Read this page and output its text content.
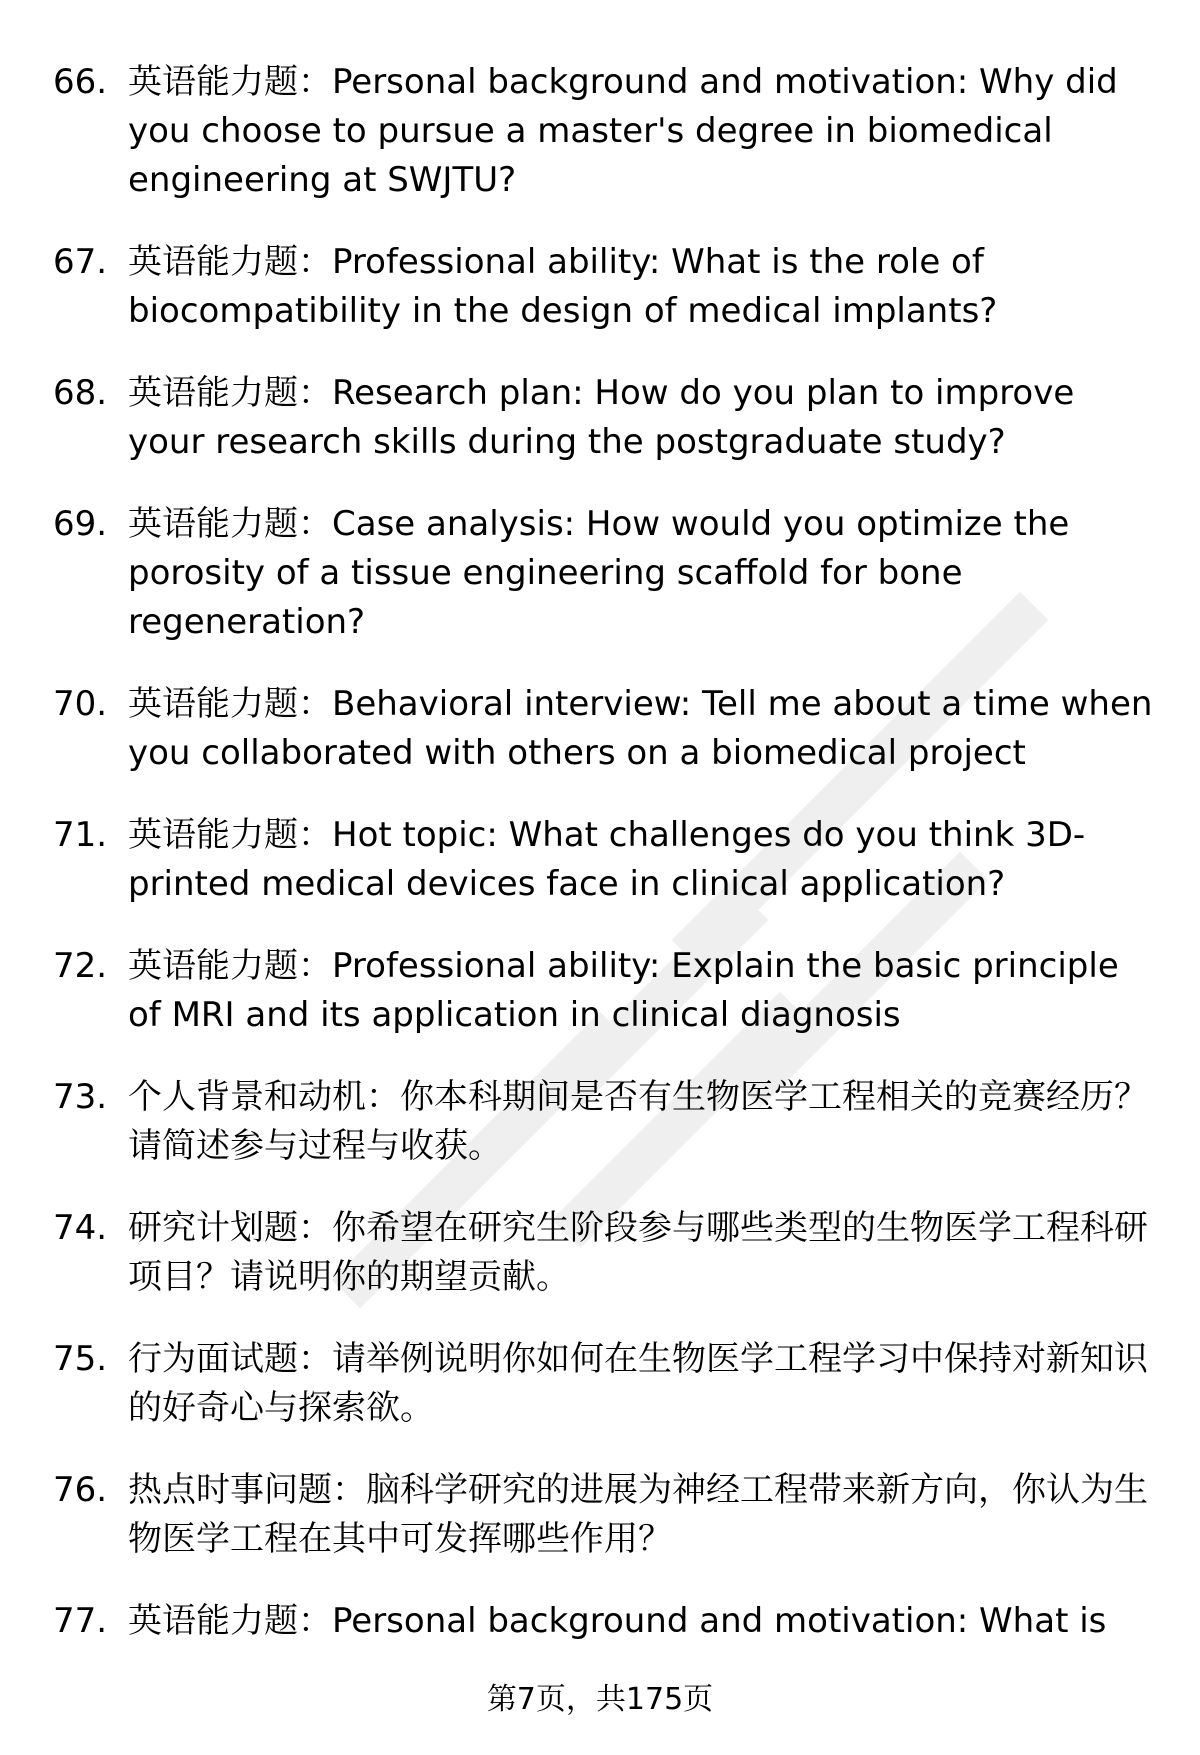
66. 英语能力题：Personal background and motivation: Why did you choose to pursue a master's degree in biomedical engineering at SWJTU?
67. 英语能力题：Professional ability: What is the role of biocompatibility in the design of medical implants?
68. 英语能力题：Research plan: How do you plan to improve your research skills during the postgraduate study?
69. 英语能力题：Case analysis: How would you optimize the porosity of a tissue engineering scaffold for bone regeneration?
70. 英语能力题：Behavioral interview: Tell me about a time when you collaborated with others on a biomedical project
71. 英语能力题：Hot topic: What challenges do you think 3D-printed medical devices face in clinical application?
72. 英语能力题：Professional ability: Explain the basic principle of MRI and its application in clinical diagnosis
73. 个人背景和动机：你本科期间是否有生物医学工程相关的竞赛经历？请简述参与过程与收获。
74. 研究计划题：你希望在研究生阶段参与哪些类型的生物医学工程科研项目？请说明你的期望贡献。
75. 行为面试题：请举例说明你如何在生物医学工程学习中保持对新知识的好奇心与探索欲。
76. 热点时事问题：脑科学研究的进展为神经工程带来新方向，你认为生物医学工程在其中可发挥哪些作用？
77. 英语能力题：Personal background and motivation: What is
第7页，共175页
